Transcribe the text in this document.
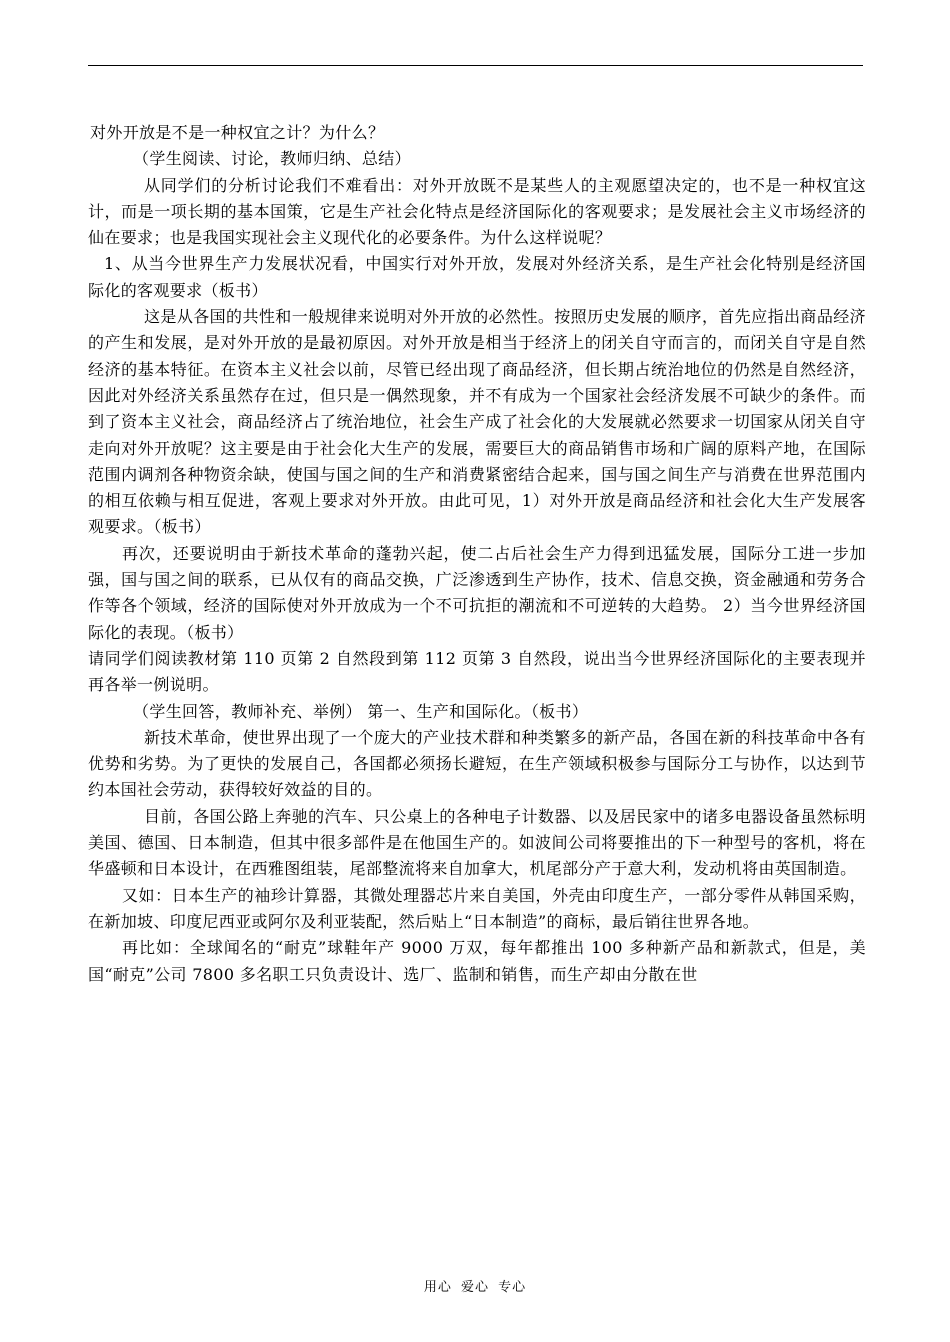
对外开放是不是一种权宜之计？为什么？

（学生阅读、讨论，教师归纳、总结）

从同学们的分析讨论我们不难看出：对外开放既不是某些人的主观愿望决定的，也不是一种权宜这计，而是一项长期的基本国策，它是生产社会化特点是经济国际化的客观要求；是发展社会主义市场经济的仙在要求；也是我国实现社会主义现代化的必要条件。为什么这样说呢？

1、从当今世界生产力发展状况看，中国实行对外开放，发展对外经济关系，是生产社会化特别是经济国际化的客观要求（板书）

这是从各国的共性和一般规律来说明对外开放的必然性。按照历史发展的顺序，首先应指出商品经济的产生和发展，是对外开放的是最初原因。对外开放是相当于经济上的闭关自守而言的，而闭关自守是自然经济的基本特征。在资本主义社会以前，尽管已经出现了商品经济，但长期占统治地位的仍然是自然经济，因此对外经济关系虽然存在过，但只是一偶然现象，并不有成为一个国家社会经济发展不可缺少的条件。而到了资本主义社会，商品经济占了统治地位，社会生产成了社会化的大发展就必然要求一切国家从闭关自守走向对外开放呢？这主要是由于社会化大生产的发展，需要巨大的商品销售市场和广阔的原料产地，在国际范围内调剂各种物资余缺，使国与国之间的生产和消费紧密结合起来，国与国之间生产与消费在世界范围内的相互依赖与相互促进，客观上要求对外开放。由此可见，1）对外开放是商品经济和社会化大生产发展客观要求。（板书）

再次，还要说明由于新技术革命的蓬勃兴起，使二占后社会生产力得到迅猛发展，国际分工进一步加强，国与国之间的联系，已从仅有的商品交换，广泛渗透到生产协作，技术、信息交换，资金融通和劳务合作等各个领域，经济的国际使对外开放成为一个不可抗拒的潮流和不可逆转的大趋势。 2）当今世界经济国际化的表现。（板书）

请同学们阅读教材第 110 页第 2 自然段到第 112 页第 3 自然段，说出当今世界经济国际化的主要表现并再各举一例说明。

（学生回答，教师补充、举例） 第一、生产和国际化。（板书）

新技术革命，使世界出现了一个庞大的产业技术群和种类繁多的新产品，各国在新的科技革命中各有优势和劣势。为了更快的发展自己，各国都必须扬长避短，在生产领域积极参与国际分工与协作，以达到节约本国社会劳动，获得较好效益的目的。

目前，各国公路上奔驰的汽车、只公桌上的各种电子计数器、以及居民家中的诸多电器设备虽然标明美国、德国、日本制造，但其中很多部件是在他国生产的。如波间公司将要推出的下一种型号的客机，将在华盛顿和日本设计，在西雅图组装，尾部整流将来自加拿大，机尾部分产于意大利，发动机将由英国制造。

又如：日本生产的袖珍计算器，其微处理器芯片来自美国，外壳由印度生产，一部分零件从韩国采购，在新加坡、印度尼西亚或阿尔及利亚装配，然后贴上“日本制造”的商标，最后销往世界各地。

再比如：全球闻名的“耐克”球鞋年产 9000 万双，每年都推出 100 多种新产品和新款式，但是，美国“耐克”公司 7800 多名职工只负责设计、选厂、监制和销售，而生产却由分散在世

用心 爱心 专心
